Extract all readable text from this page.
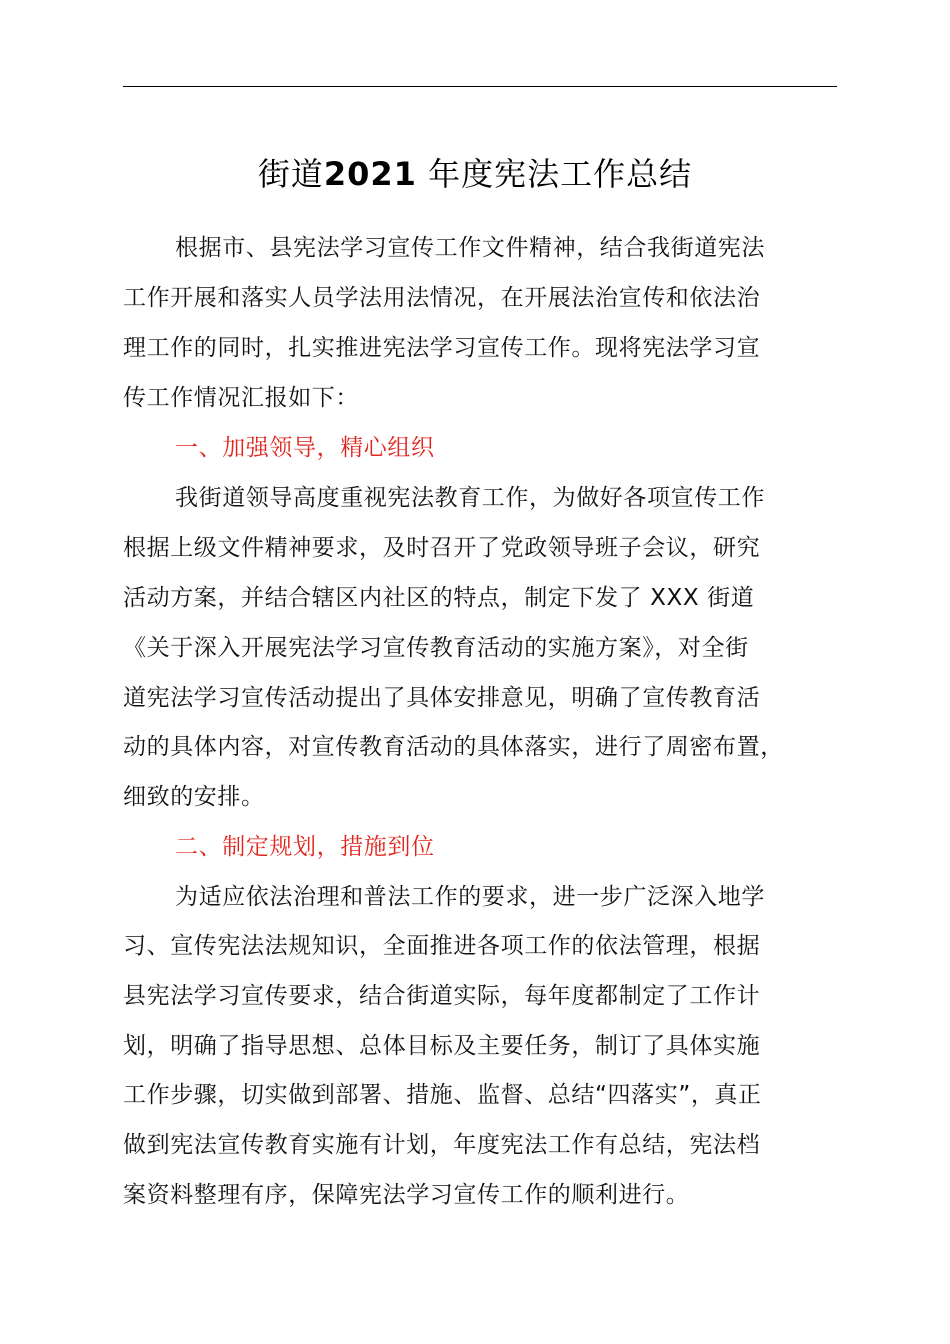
街道2021 年度宪法工作总结
根据市、县宪法学习宣传工作文件精神，结合我街道宪法
工作开展和落实人员学法用法情况，在开展法治宣传和依法治
理工作的同时，扎实推进宪法学习宣传工作。现将宪法学习宣
传工作情况汇报如下：
一、加强领导，精心组织
我街道领导高度重视宪法教育工作，为做好各项宣传工作
根据上级文件精神要求，及时召开了党政领导班子会议，研究
活动方案，并结合辖区内社区的特点，制定下发了 XXX 街道
《关于深入开展宪法学习宣传教育活动的实施方案》，对全街
道宪法学习宣传活动提出了具体安排意见，明确了宣传教育活
动的具体内容，对宣传教育活动的具体落实，进行了周密布置，
细致的安排。
二、制定规划，措施到位
为适应依法治理和普法工作的要求，进一步广泛深入地学
习、宣传宪法法规知识，全面推进各项工作的依法管理，根据
县宪法学习宣传要求，结合街道实际，每年度都制定了工作计
划，明确了指导思想、总体目标及主要任务，制订了具体实施
工作步骤，切实做到部署、措施、监督、总结“四落实”，真正
做到宪法宣传教育实施有计划，年度宪法工作有总结，宪法档
案资料整理有序，保障宪法学习宣传工作的顺利进行。
